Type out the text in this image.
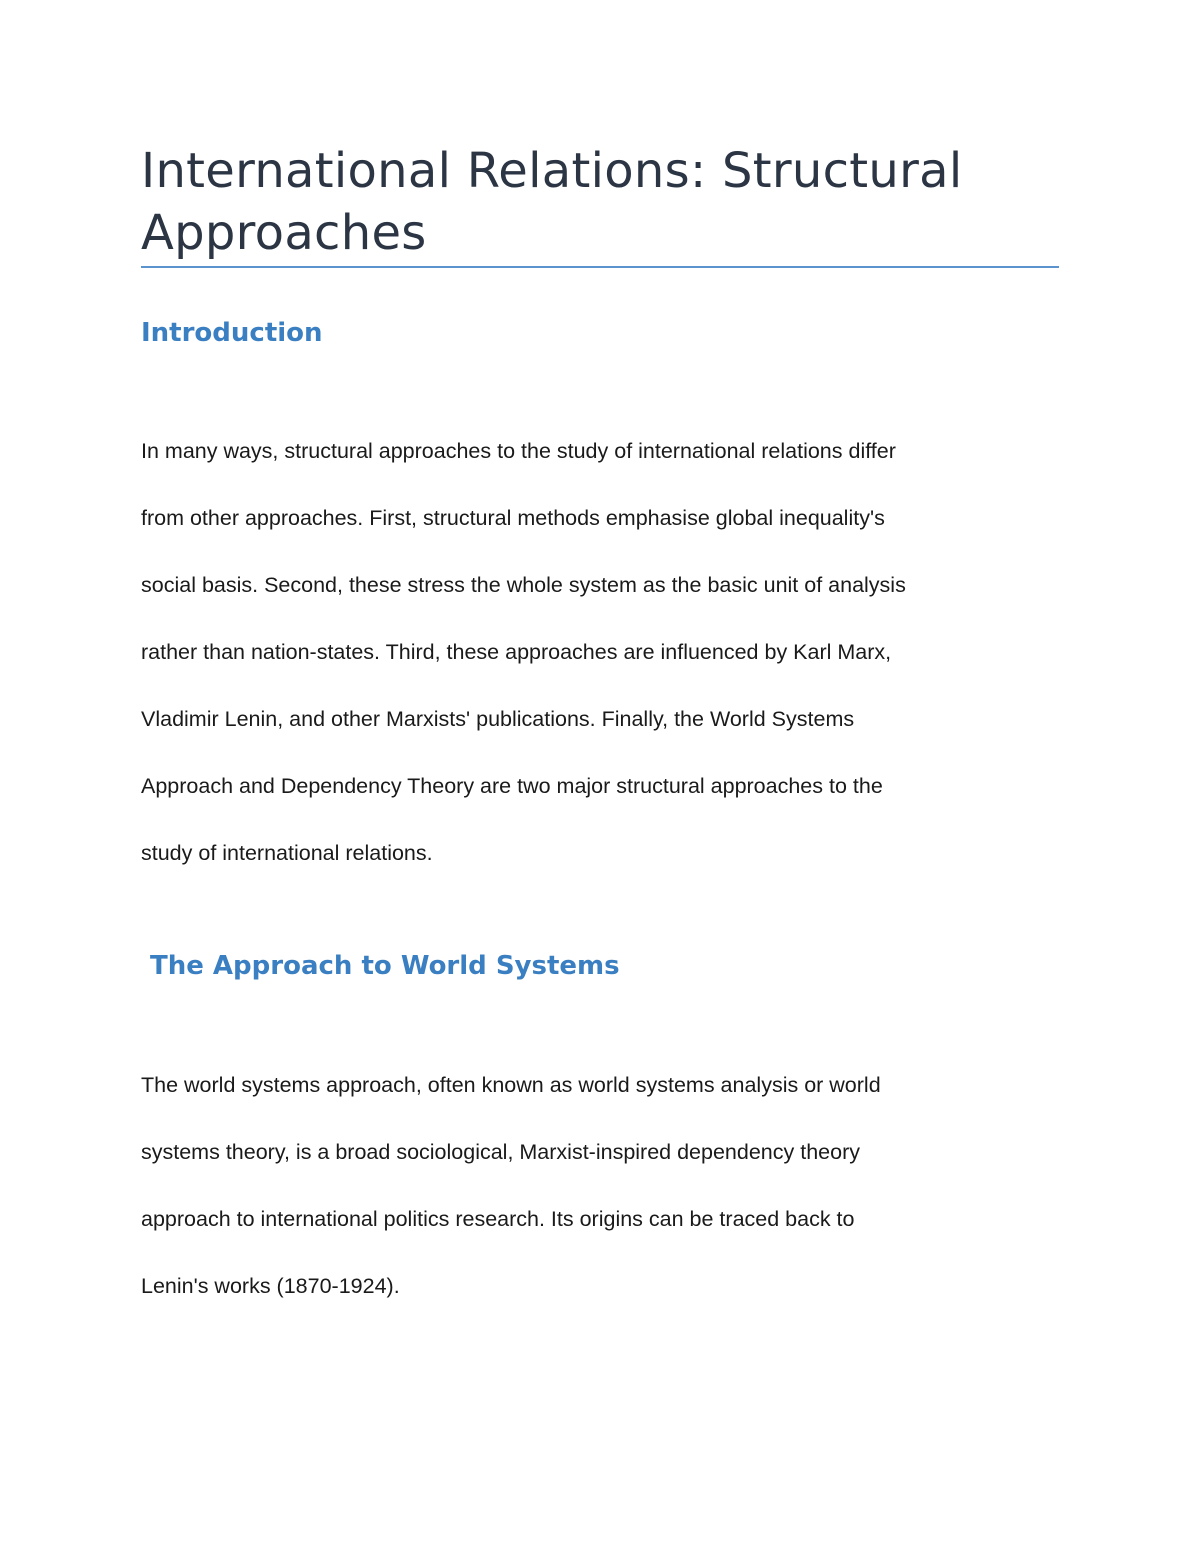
International Relations: Structural
Approaches
Introduction

In many ways, structural approaches to the study of international relations differ
from other approaches. First, structural methods emphasise global inequality's
social basis. Second, these stress the whole system as the basic unit of analysis
rather than nation-states. Third, these approaches are influenced by Karl Marx,
Vladimir Lenin, and other Marxists' publications. Finally, the World Systems
Approach and Dependency Theory are two major structural approaches to the
study of international relations.

The Approach to World Systems

The world systems approach, often known as world systems analysis or world
systems theory, is a broad sociological, Marxist-inspired dependency theory
approach to international politics research. Its origins can be traced back to
Lenin's works (1870-1924).
